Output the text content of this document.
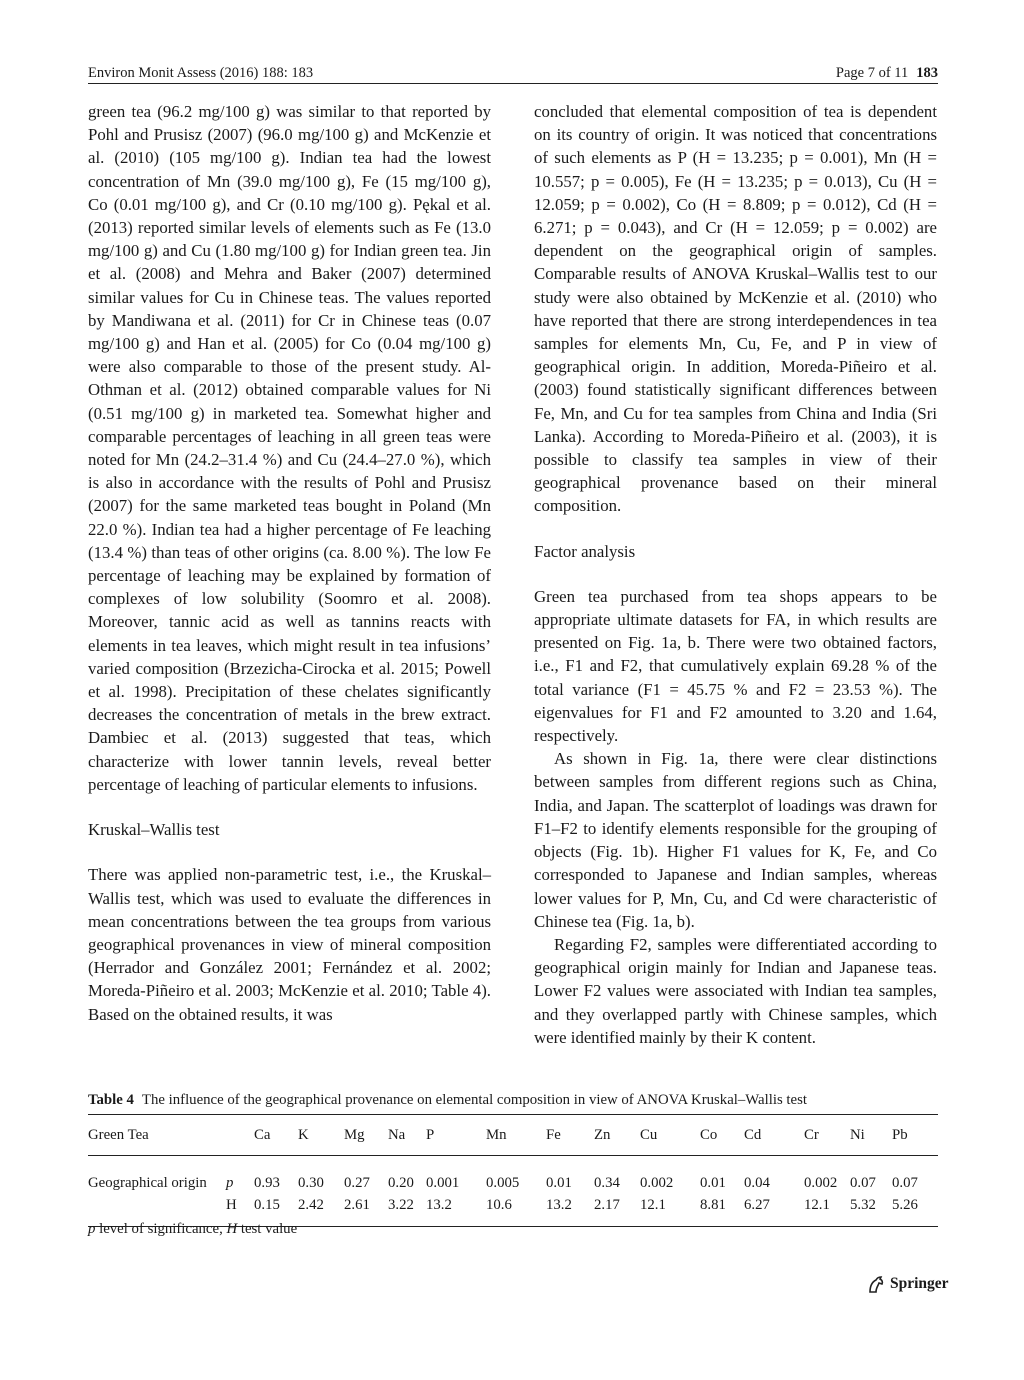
Environ Monit Assess (2016) 188: 183	Page 7 of 11 183

green tea (96.2 mg/100 g) was similar to that reported by Pohl and Prusisz (2007) (96.0 mg/100 g) and McKenzie et al. (2010) (105 mg/100 g). Indian tea had the lowest concentration of Mn (39.0 mg/100 g), Fe (15 mg/100 g), Co (0.01 mg/100 g), and Cr (0.10 mg/100 g). Pękal et al. (2013) reported similar levels of elements such as Fe (13.0 mg/100 g) and Cu (1.80 mg/100 g) for Indian green tea. Jin et al. (2008) and Mehra and Baker (2007) determined similar values for Cu in Chinese teas. The values reported by Mandiwana et al. (2011) for Cr in Chinese teas (0.07 mg/100 g) and Han et al. (2005) for Co (0.04 mg/100 g) were also comparable to those of the present study. Al-Othman et al. (2012) obtained comparable values for Ni (0.51 mg/100 g) in marketed tea. Somewhat higher and comparable percentages of leaching in all green teas were noted for Mn (24.2–31.4 %) and Cu (24.4–27.0 %), which is also in accordance with the results of Pohl and Prusisz (2007) for the same marketed teas bought in Poland (Mn 22.0 %). Indian tea had a higher percentage of Fe leaching (13.4 %) than teas of other origins (ca. 8.00 %). The low Fe percentage of leaching may be explained by formation of complexes of low solubility (Soomro et al. 2008). Moreover, tannic acid as well as tannins reacts with elements in tea leaves, which might result in tea infusions’ varied composition (Brzezicha-Cirocka et al. 2015; Powell et al. 1998). Precipitation of these chelates significantly decreases the concentration of metals in the brew extract. Dambiec et al. (2013) suggested that teas, which characterize with lower tannin levels, reveal better percentage of leaching of particular elements to infusions.

Kruskal–Wallis test

There was applied non-parametric test, i.e., the Kruskal–Wallis test, which was used to evaluate the differences in mean concentrations between the tea groups from various geographical provenances in view of mineral composition (Herrador and González 2001; Fernández et al. 2002; Moreda-Piñeiro et al. 2003; McKenzie et al. 2010; Table 4). Based on the obtained results, it was

concluded that elemental composition of tea is dependent on its country of origin. It was noticed that concentrations of such elements as P (H = 13.235; p = 0.001), Mn (H = 10.557; p = 0.005), Fe (H = 13.235; p = 0.013), Cu (H = 12.059; p = 0.002), Co (H = 8.809; p = 0.012), Cd (H = 6.271; p = 0.043), and Cr (H = 12.059; p = 0.002) are dependent on the geographical origin of samples. Comparable results of ANOVA Kruskal–Wallis test to our study were also obtained by McKenzie et al. (2010) who have reported that there are strong interdependences in tea samples for elements Mn, Cu, Fe, and P in view of geographical origin. In addition, Moreda-Piñeiro et al. (2003) found statistically significant differences between Fe, Mn, and Cu for tea samples from China and India (Sri Lanka). According to Moreda-Piñeiro et al. (2003), it is possible to classify tea samples in view of their geographical provenance based on their mineral composition.

Factor analysis

Green tea purchased from tea shops appears to be appropriate ultimate datasets for FA, in which results are presented on Fig. 1a, b. There were two obtained factors, i.e., F1 and F2, that cumulatively explain 69.28 % of the total variance (F1 = 45.75 % and F2 = 23.53 %). The eigenvalues for F1 and F2 amounted to 3.20 and 1.64, respectively.

As shown in Fig. 1a, there were clear distinctions between samples from different regions such as China, India, and Japan. The scatterplot of loadings was drawn for F1–F2 to identify elements responsible for the grouping of objects (Fig. 1b). Higher F1 values for K, Fe, and Co corresponded to Japanese and Indian samples, whereas lower values for P, Mn, Cu, and Cd were characteristic of Chinese tea (Fig. 1a, b).

Regarding F2, samples were differentiated according to geographical origin mainly for Indian and Japanese teas. Lower F2 values were associated with Indian tea samples, and they overlapped partly with Chinese samples, which were identified mainly by their K content.

Table 4 The influence of the geographical provenance on elemental composition in view of ANOVA Kruskal–Wallis test
Green Tea		Ca	K	Mg	Na	P	Mn	Fe	Zn	Cu	Co	Cd	Cr	Ni	Pb
Geographical origin	p	0.93	0.30	0.27	0.20	0.001	0.005	0.01	0.34	0.002	0.01	0.04	0.002	0.07	0.07
	H	0.15	2.42	2.61	3.22	13.2	10.6	13.2	2.17	12.1	8.81	6.27	12.1	5.32	5.26
p level of significance, H test value
Springer
